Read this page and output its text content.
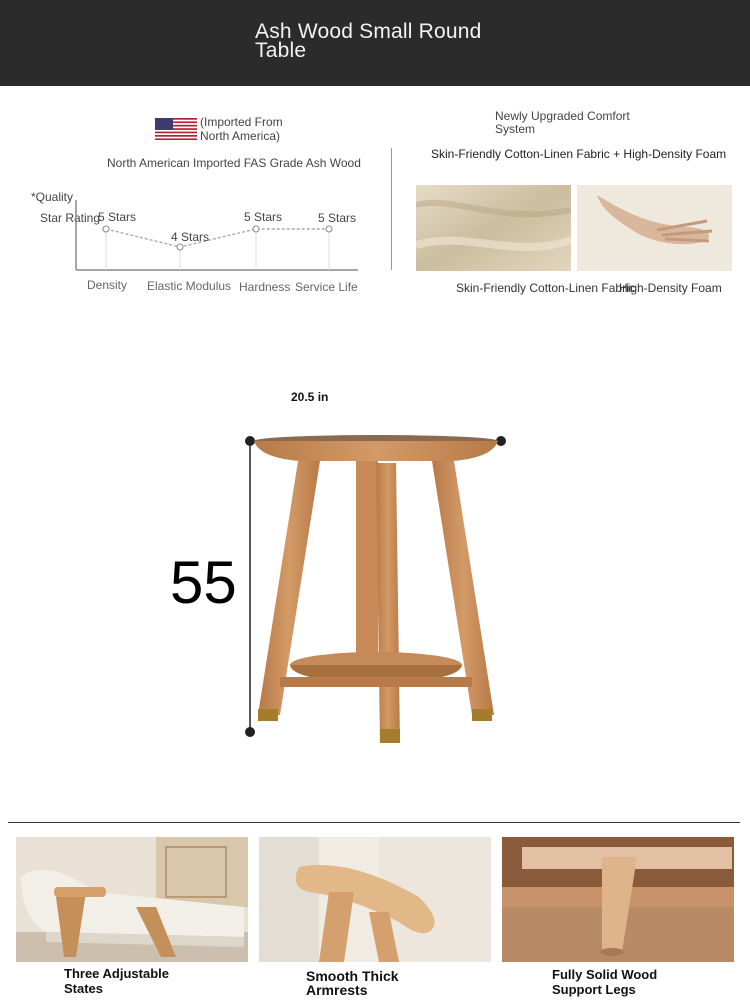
Ash Wood Small Round Table
(Imported From
North America)
North American Imported FAS Grade Ash Wood
*Quality
Star Rating
5 Stars
4 Stars
5 Stars	5 Stars
Density Elastic Modulus Hardness Service Life
Newly Upgraded Comfort
System
Skin-Friendly Cotton-Linen Fabric + High-Density Foam
Skin-Friendly Cotton-Linen Fabric
High-Density Foam
20.5 in
55
Three Adjustable
States
Smooth Thick
Armrests
Fully Solid Wood
Support Legs
